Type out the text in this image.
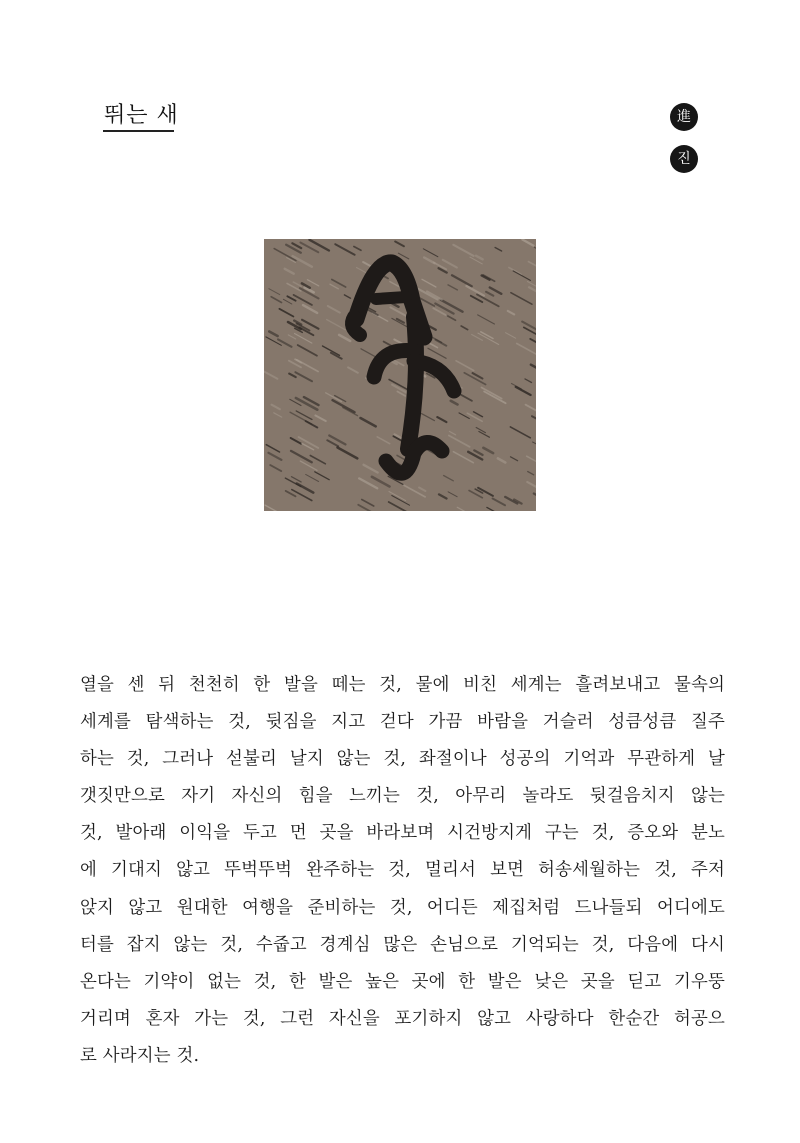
뛰는 새	進
진
열을 센 뒤 천천히 한 발을 떼는 것, 물에 비친 세계는 흘려보내고 물속의
세계를 탐색하는 것, 뒷짐을 지고 걷다 가끔 바람을 거슬러 성큼성큼 질주
하는 것, 그러나 섣불리 날지 않는 것, 좌절이나 성공의 기억과 무관하게 날
갯짓만으로 자기 자신의 힘을 느끼는 것, 아무리 놀라도 뒷걸음치지 않는
것, 발아래 이익을 두고 먼 곳을 바라보며 시건방지게 구는 것, 증오와 분노
에 기대지 않고 뚜벅뚜벅 완주하는 것, 멀리서 보면 허송세월하는 것, 주저
앉지 않고 원대한 여행을 준비하는 것, 어디든 제집처럼 드나들되 어디에도
터를 잡지 않는 것, 수줍고 경계심 많은 손님으로 기억되는 것, 다음에 다시
온다는 기약이 없는 것, 한 발은 높은 곳에 한 발은 낮은 곳을 딛고 기우뚱
거리며 혼자 가는 것, 그런 자신을 포기하지 않고 사랑하다 한순간 허공으
로 사라지는 것.
